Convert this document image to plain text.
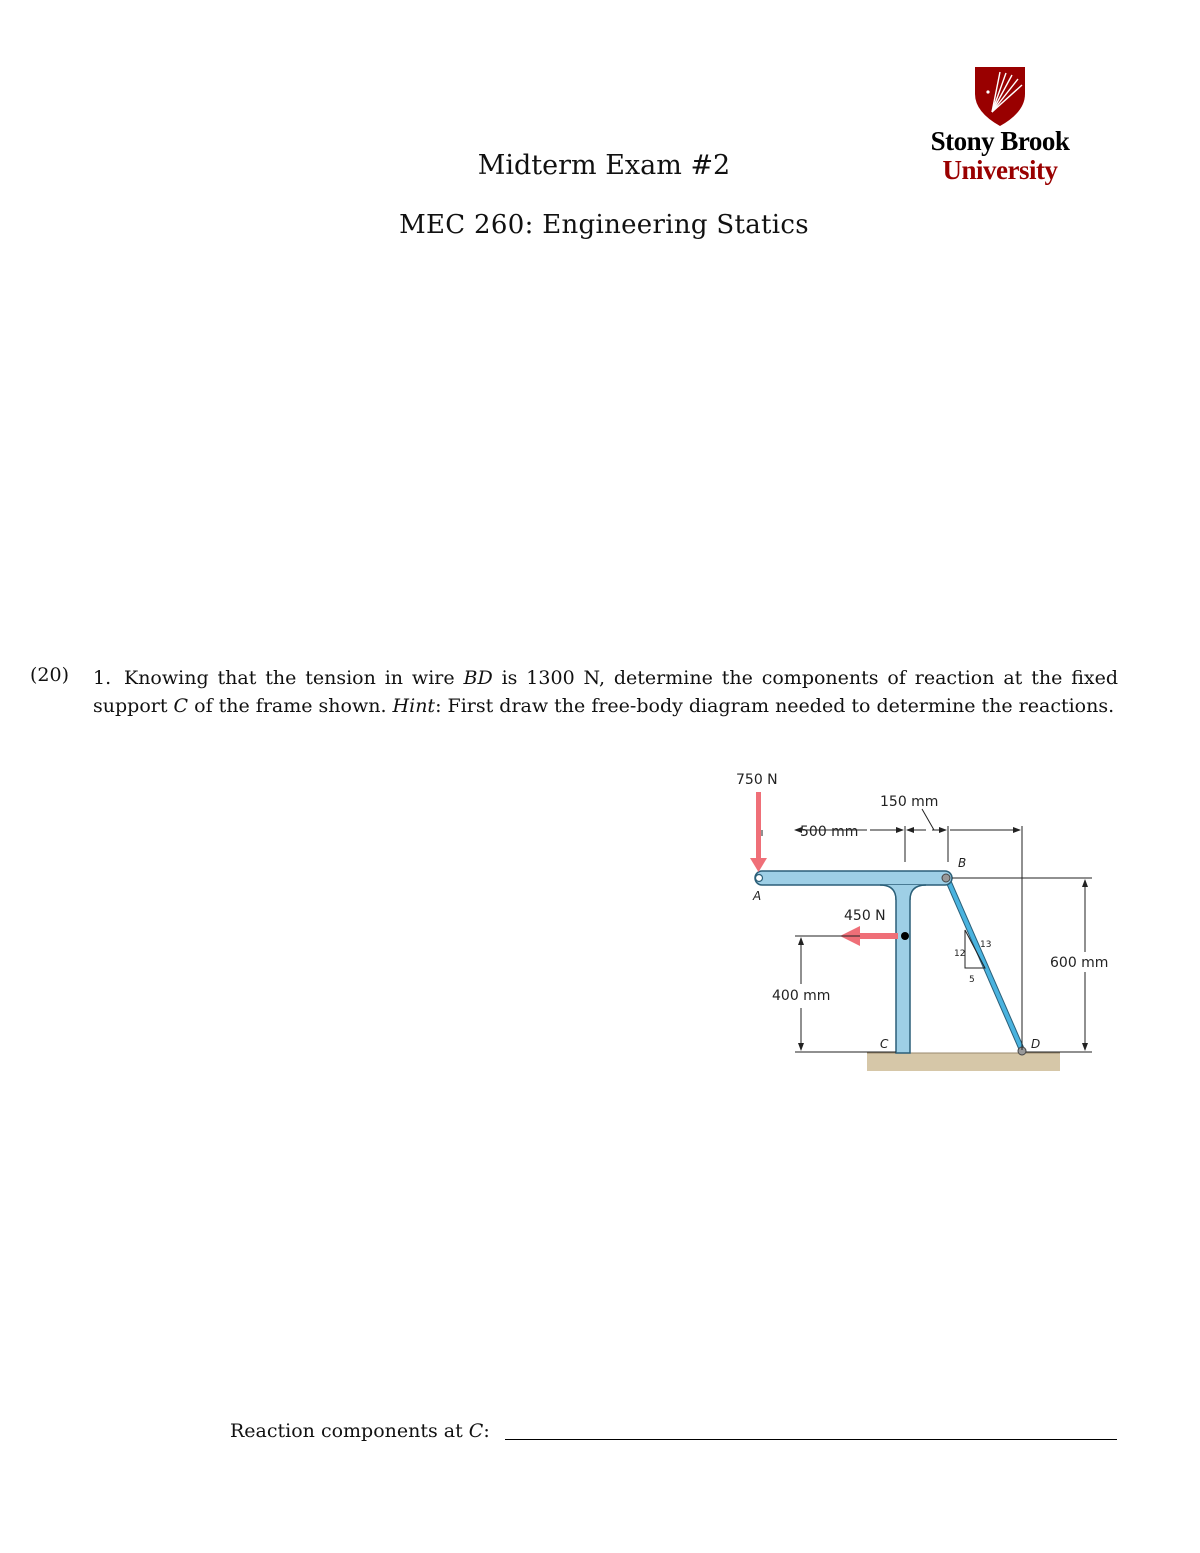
Midterm Exam #2
MEC 260: Engineering Statics
Stony Brook
University
(20) 1. Knowing that the tension in wire BD is 1300 N, determine the components of reaction at the fixed support C of the frame shown. Hint: First draw the free-body diagram needed to determine the reactions.
750 N
450 N
A
B
C	D
500 mm
150 mm
400 mm
600 mm
12
13
5
Reaction components at C:
